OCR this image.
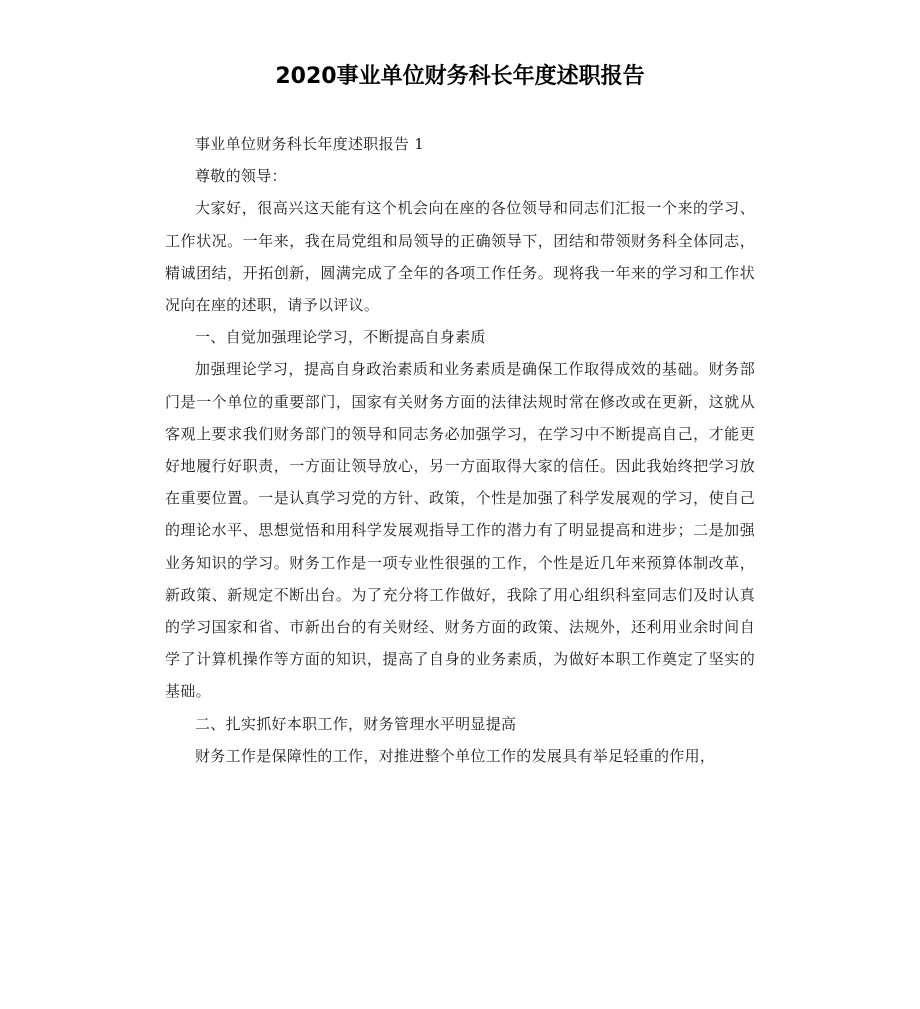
2020事业单位财务科长年度述职报告

事业单位财务科长年度述职报告 1

尊敬的领导：

大家好，很高兴这天能有这个机会向在座的各位领导和同志们汇报一个来的学习、工作状况。一年来，我在局党组和局领导的正确领导下，团结和带领财务科全体同志，精诚团结，开拓创新，圆满完成了全年的各项工作任务。现将我一年来的学习和工作状况向在座的述职，请予以评议。

一、自觉加强理论学习，不断提高自身素质

加强理论学习，提高自身政治素质和业务素质是确保工作取得成效的基础。财务部门是一个单位的重要部门，国家有关财务方面的法律法规时常在修改或在更新，这就从客观上要求我们财务部门的领导和同志务必加强学习，在学习中不断提高自己，才能更好地履行好职责，一方面让领导放心，另一方面取得大家的信任。因此我始终把学习放在重要位置。一是认真学习党的方针、政策，个性是加强了科学发展观的学习，使自己的理论水平、思想觉悟和用科学发展观指导工作的潜力有了明显提高和进步；二是加强业务知识的学习。财务工作是一项专业性很强的工作，个性是近几年来预算体制改革，新政策、新规定不断出台。为了充分将工作做好，我除了用心组织科室同志们及时认真的学习国家和省、市新出台的有关财经、财务方面的政策、法规外，还利用业余时间自学了计算机操作等方面的知识，提高了自身的业务素质，为做好本职工作奠定了坚实的基础。

二、扎实抓好本职工作，财务管理水平明显提高

财务工作是保障性的工作，对推进整个单位工作的发展具有举足轻重的作用，
